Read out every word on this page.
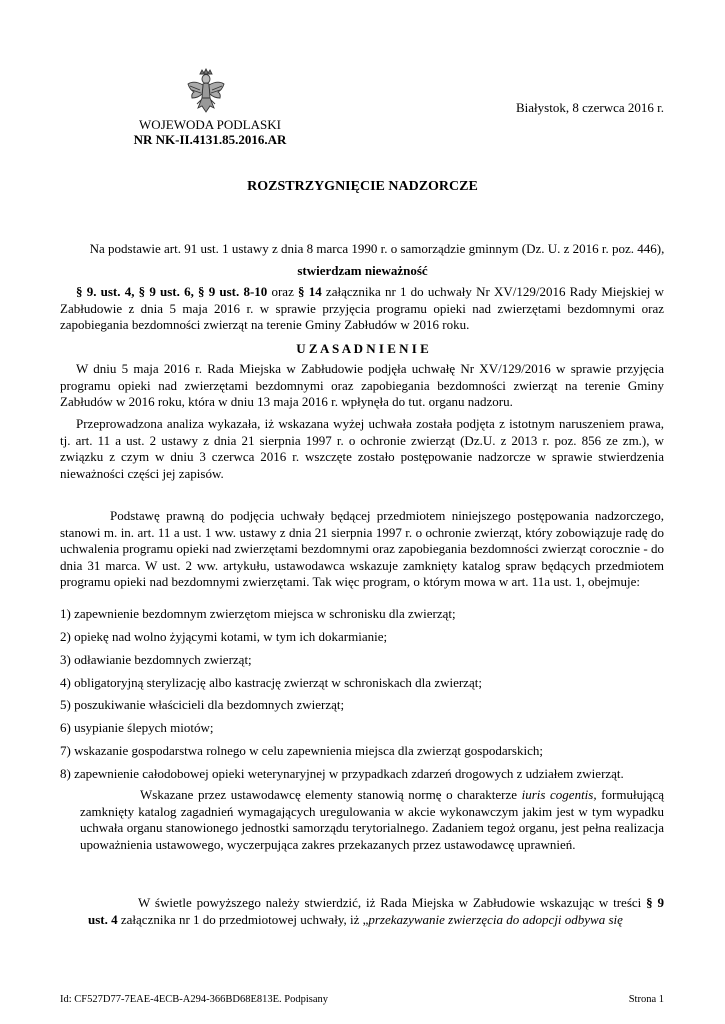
WOJEWODA PODLASKI
NR NK-II.4131.85.2016.AR
Białystok, 8 czerwca 2016 r.
ROZSTRZYGNIĘCIE NADZORCZE
Na podstawie art. 91 ust. 1 ustawy z dnia 8 marca 1990 r. o samorządzie gminnym (Dz. U. z 2016 r. poz. 446),
stwierdzam nieważność

§ 9. ust. 4, § 9 ust. 6, § 9 ust. 8-10 oraz § 14 załącznika nr 1 do uchwały Nr XV/129/2016 Rady Miejskiej w Zabłudowie z dnia 5 maja 2016 r. w sprawie przyjęcia programu opieki nad zwierzętami bezdomnymi oraz zapobiegania bezdomności zwierząt na terenie Gminy Zabłudów w 2016 roku.

U Z A S A D N I E N I E

W dniu 5 maja 2016 r. Rada Miejska w Zabłudowie podjęła uchwałę Nr XV/129/2016 w sprawie przyjęcia programu opieki nad zwierzętami bezdomnymi oraz zapobiegania bezdomności zwierząt na terenie Gminy Zabłudów w 2016 roku, która w dniu 13 maja 2016 r. wpłynęła do tut. organu nadzoru.

Przeprowadzona analiza wykazała, iż wskazana wyżej uchwała została podjęta z istotnym naruszeniem prawa, tj. art. 11 a ust. 2 ustawy z dnia 21 sierpnia 1997 r. o ochronie zwierząt (Dz.U. z 2013 r. poz. 856 ze zm.), w związku z czym w dniu 3 czerwca 2016 r. wszczęte zostało postępowanie nadzorcze w sprawie stwierdzenia nieważności części jej zapisów.

Podstawę prawną do podjęcia uchwały będącej przedmiotem niniejszego postępowania nadzorczego, stanowi m. in. art. 11 a ust. 1 ww. ustawy z dnia 21 sierpnia 1997 r. o ochronie zwierząt, który zobowiązuje radę do uchwalenia programu opieki nad zwierzętami bezdomnymi oraz zapobiegania bezdomności zwierząt corocznie - do dnia 31 marca. W ust. 2 ww. artykułu, ustawodawca wskazuje zamknięty katalog spraw będących przedmiotem programu opieki nad bezdomnymi zwierzętami. Tak więc program, o którym mowa w art. 11a ust. 1, obejmuje:

1) zapewnienie bezdomnym zwierzętom miejsca w schronisku dla zwierząt;
2) opiekę nad wolno żyjącymi kotami, w tym ich dokarmianie;
3) odławianie bezdomnych zwierząt;
4) obligatoryjną sterylizację albo kastrację zwierząt w schroniskach dla zwierząt;
5) poszukiwanie właścicieli dla bezdomnych zwierząt;
6) usypianie ślepych miotów;
7) wskazanie gospodarstwa rolnego w celu zapewnienia miejsca dla zwierząt gospodarskich;
8) zapewnienie całodobowej opieki weterynaryjnej w przypadkach zdarzeń drogowych z udziałem zwierząt.

Wskazane przez ustawodawcę elementy stanowią normę o charakterze iuris cogentis, formułującą zamknięty katalog zagadnień wymagających uregulowania w akcie wykonawczym jakim jest w tym wypadku uchwała organu stanowionego jednostki samorządu terytorialnego. Zadaniem tegoż organu, jest pełna realizacja upoważnienia ustawowego, wyczerpująca zakres przekazanych przez ustawodawcę uprawnień.

W świetle powyższego należy stwierdzić, iż Rada Miejska w Zabłudowie wskazując w treści § 9 ust. 4 załącznika nr 1 do przedmiotowej uchwały, iż „przekazywanie zwierzęcia do adopcji odbywa się

Id: CF527D77-7EAE-4ECB-A294-366BD68E813E. Podpisany	Strona 1
